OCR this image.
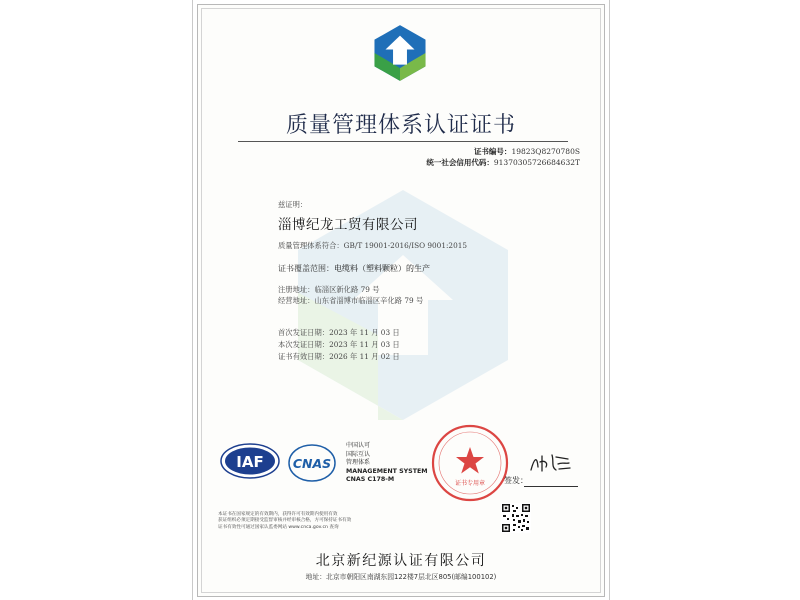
质量管理体系认证证书
证书编号：19823Q8270780S
统一社会信用代码：91370305726684632T
兹证明：
淄博纪龙工贸有限公司
质量管理体系符合：GB/T 19001-2016/ISO 9001:2015
证书覆盖范围：电缆料（塑料颗粒）的生产
注册地址：临淄区新化路 79 号
经营地址：山东省淄博市临淄区辛化路 79 号
首次发证日期：2023 年 11 月 03 日
本次发证日期：2023 年 11 月 03 日
证书有效日期：2026 年 11 月 02 日
IAF CNAS
中国认可
国际互认
管理体系
MANAGEMENT SYSTEM
CNAS C178-M
证书专用章 签发：
本证书在国家规定的有效期内，获得许可有效期内使用有效
获证组织必须定期接受监督审核并经审核合格，方可保持证书有效
证书有效性可通过国家认监委网站 www.cnca.gov.cn 查询
北京新纪源认证有限公司
地址：北京市朝阳区南湖东园122楼7层北区805(邮编100102)
